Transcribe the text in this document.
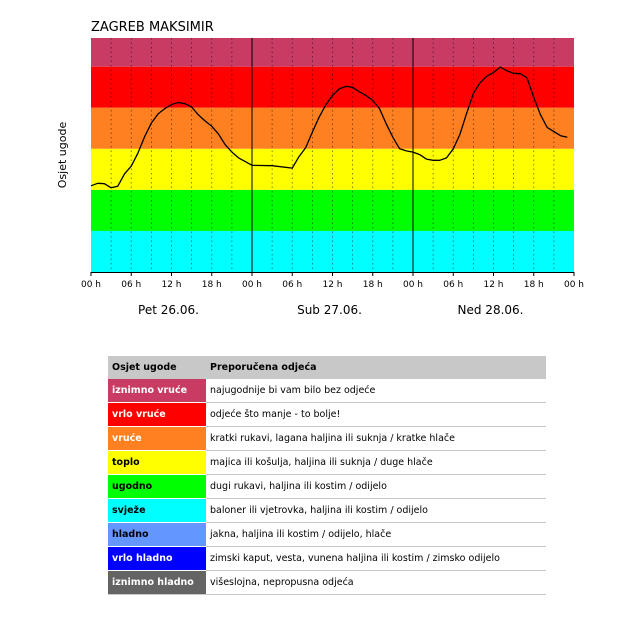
ZAGREB MAKSIMIR
Osjet ugode
00 h 06 h 12 h 18 h 00 h 06 h 12 h 18 h 00 h 06 h 12 h 18 h 00 h
Pet 26.06.	Sub 27.06.	Ned 28.06.
Osjet ugode	Preporučena odjeća
iznimno vruće	najugodnije bi vam bilo bez odjeće
vrlo vruće	odjeće što manje - to bolje!
vruće	kratki rukavi, lagana haljina ili suknja / kratke hlače
toplo	majica ili košulja, haljina ili suknja / duge hlače
ugodno	dugi rukavi, haljina ili kostim / odijelo
svježe	baloner ili vjetrovka, haljina ili kostim / odijelo
hladno	jakna, haljina ili kostim / odijelo, hlače
vrlo hladno	zimski kaput, vesta, vunena haljina ili kostim / zimsko odijelo
iznimno hladno	višeslojna, nepropusna odjeća
